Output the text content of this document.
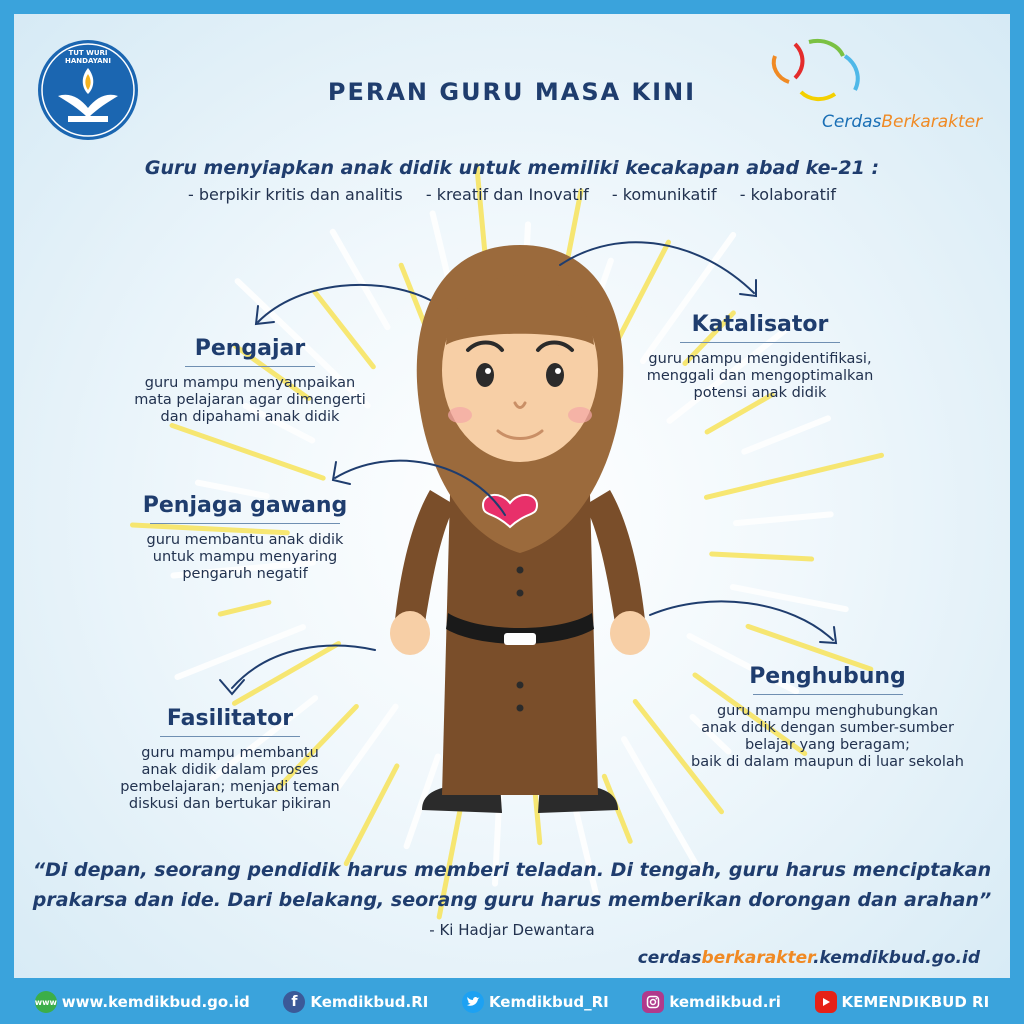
TUT WURI HANDAYANI
CerdasBerkarakter
PERAN GURU MASA KINI
Guru menyiapkan anak didik untuk memiliki kecakapan abad ke-21 :
- berpikir kritis dan analitis - kreatif dan Inovatif - komunikatif - kolaboratif
Pengajar
guru mampu menyampaikan
mata pelajaran agar dimengerti
dan dipahami anak didik
Penjaga gawang
guru membantu anak didik
untuk mampu menyaring
pengaruh negatif
Fasilitator
guru mampu membantu
anak didik dalam proses
pembelajaran; menjadi teman
diskusi dan bertukar pikiran
Katalisator
guru mampu mengidentifikasi,
menggali dan mengoptimalkan
potensi anak didik
Penghubung
guru mampu menghubungkan
anak didik dengan sumber-sumber
belajar yang beragam;
baik di dalam maupun di luar sekolah
“Di depan, seorang pendidik harus memberi teladan. Di tengah, guru harus menciptakan
prakarsa dan ide. Dari belakang, seorang guru harus memberikan dorongan dan arahan”
- Ki Hadjar Dewantara
cerdasberkarakter.kemdikbud.go.id
www www.kemdikbud.go.id	f Kemdikbud.RI	Kemdikbud_RI	kemdikbud.ri	KEMENDIKBUD RI
